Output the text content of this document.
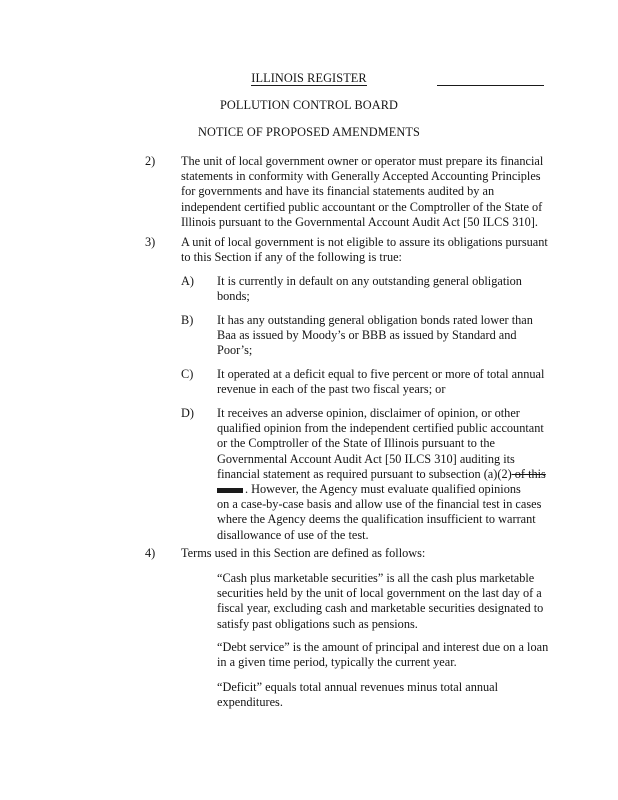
ILLINOIS REGISTER
POLLUTION CONTROL BOARD
NOTICE OF PROPOSED AMENDMENTS
2) The unit of local government owner or operator must prepare its financial
statements in conformity with Generally Accepted Accounting Principles
for governments and have its financial statements audited by an
independent certified public accountant or the Comptroller of the State of
Illinois pursuant to the Governmental Account Audit Act [50 ILCS 310].

3) A unit of local government is not eligible to assure its obligations pursuant
to this Section if any of the following is true:

A) It is currently in default on any outstanding general obligation
bonds;

B) It has any outstanding general obligation bonds rated lower than
Baa as issued by Moody’s or BBB as issued by Standard and
Poor’s;

C) It operated at a deficit equal to five percent or more of total annual
revenue in each of the past two fiscal years; or

D) It receives an adverse opinion, disclaimer of opinion, or other
qualified opinion from the independent certified public accountant
or the Comptroller of the State of Illinois pursuant to the
Governmental Account Audit Act [50 ILCS 310] auditing its
financial statement as required pursuant to subsection (a)(2) of this
. However, the Agency must evaluate qualified opinions
on a case-by-case basis and allow use of the financial test in cases
where the Agency deems the qualification insufficient to warrant
disallowance of use of the test.

4) Terms used in this Section are defined as follows:

“Cash plus marketable securities” is all the cash plus marketable
securities held by the unit of local government on the last day of a
fiscal year, excluding cash and marketable securities designated to
satisfy past obligations such as pensions.

“Debt service” is the amount of principal and interest due on a loan
in a given time period, typically the current year.

“Deficit” equals total annual revenues minus total annual
expenditures.
